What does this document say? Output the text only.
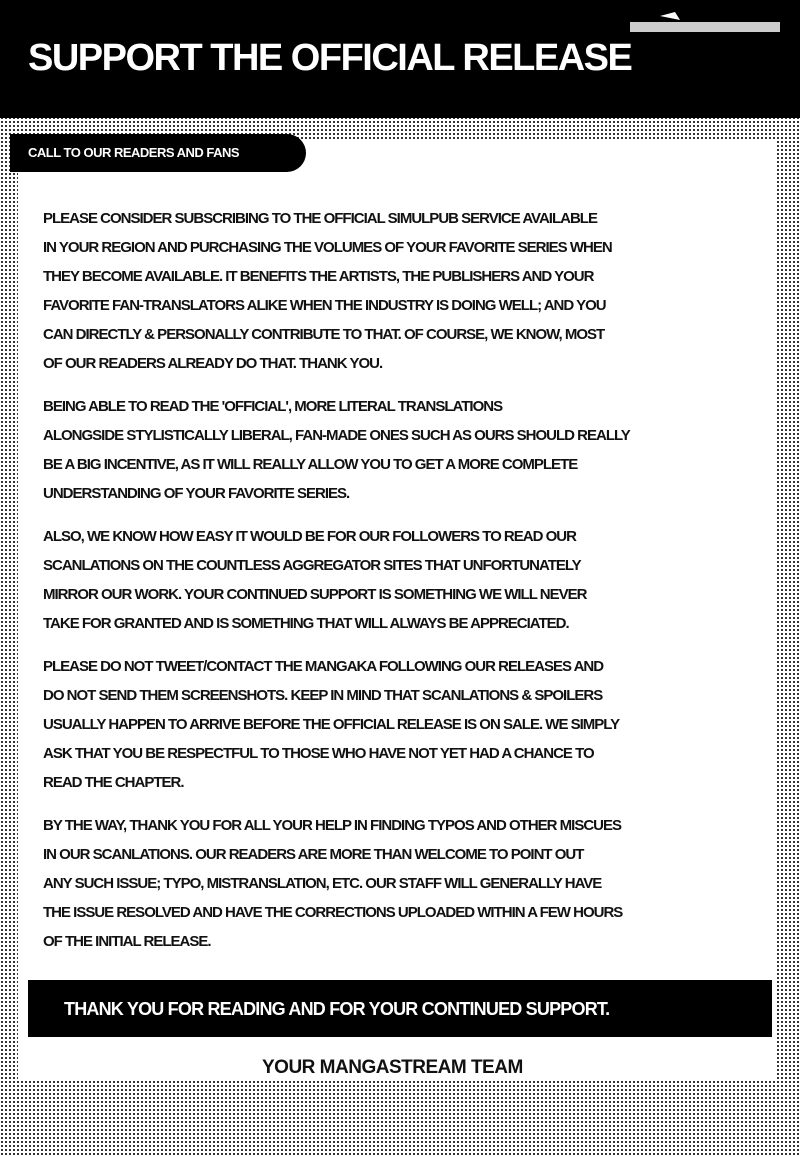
SUPPORT THE OFFICIAL RELEASE
CALL TO OUR READERS AND FANS
PLEASE CONSIDER SUBSCRIBING TO THE OFFICIAL SIMULPUB SERVICE AVAILABLE
IN YOUR REGION AND PURCHASING THE VOLUMES OF YOUR FAVORITE SERIES WHEN
THEY BECOME AVAILABLE. IT BENEFITS THE ARTISTS, THE PUBLISHERS AND YOUR
FAVORITE FAN-TRANSLATORS ALIKE WHEN THE INDUSTRY IS DOING WELL; AND YOU
CAN DIRECTLY & PERSONALLY CONTRIBUTE TO THAT. OF COURSE, WE KNOW, MOST
OF OUR READERS ALREADY DO THAT. THANK YOU.
BEING ABLE TO READ THE 'OFFICIAL', MORE LITERAL TRANSLATIONS
ALONGSIDE STYLISTICALLY LIBERAL, FAN-MADE ONES SUCH AS OURS SHOULD REALLY
BE A BIG INCENTIVE, AS IT WILL REALLY ALLOW YOU TO GET A MORE COMPLETE
UNDERSTANDING OF YOUR FAVORITE SERIES.
ALSO, WE KNOW HOW EASY IT WOULD BE FOR OUR FOLLOWERS TO READ OUR
SCANLATIONS ON THE COUNTLESS AGGREGATOR SITES THAT UNFORTUNATELY
MIRROR OUR WORK. YOUR CONTINUED SUPPORT IS SOMETHING WE WILL NEVER
TAKE FOR GRANTED AND IS SOMETHING THAT WILL ALWAYS BE APPRECIATED.
PLEASE DO NOT TWEET/CONTACT THE MANGAKA FOLLOWING OUR RELEASES AND
DO NOT SEND THEM SCREENSHOTS. KEEP IN MIND THAT SCANLATIONS & SPOILERS
USUALLY HAPPEN TO ARRIVE BEFORE THE OFFICIAL RELEASE IS ON SALE. WE SIMPLY
ASK THAT YOU BE RESPECTFUL TO THOSE WHO HAVE NOT YET HAD A CHANCE TO
READ THE CHAPTER.
BY THE WAY, THANK YOU FOR ALL YOUR HELP IN FINDING TYPOS AND OTHER MISCUES
IN OUR SCANLATIONS. OUR READERS ARE MORE THAN WELCOME TO POINT OUT
ANY SUCH ISSUE; TYPO, MISTRANSLATION, ETC. OUR STAFF WILL GENERALLY HAVE
THE ISSUE RESOLVED AND HAVE THE CORRECTIONS UPLOADED WITHIN A FEW HOURS
OF THE INITIAL RELEASE.
THANK YOU FOR READING AND FOR YOUR CONTINUED SUPPORT.
YOUR MANGASTREAM TEAM
